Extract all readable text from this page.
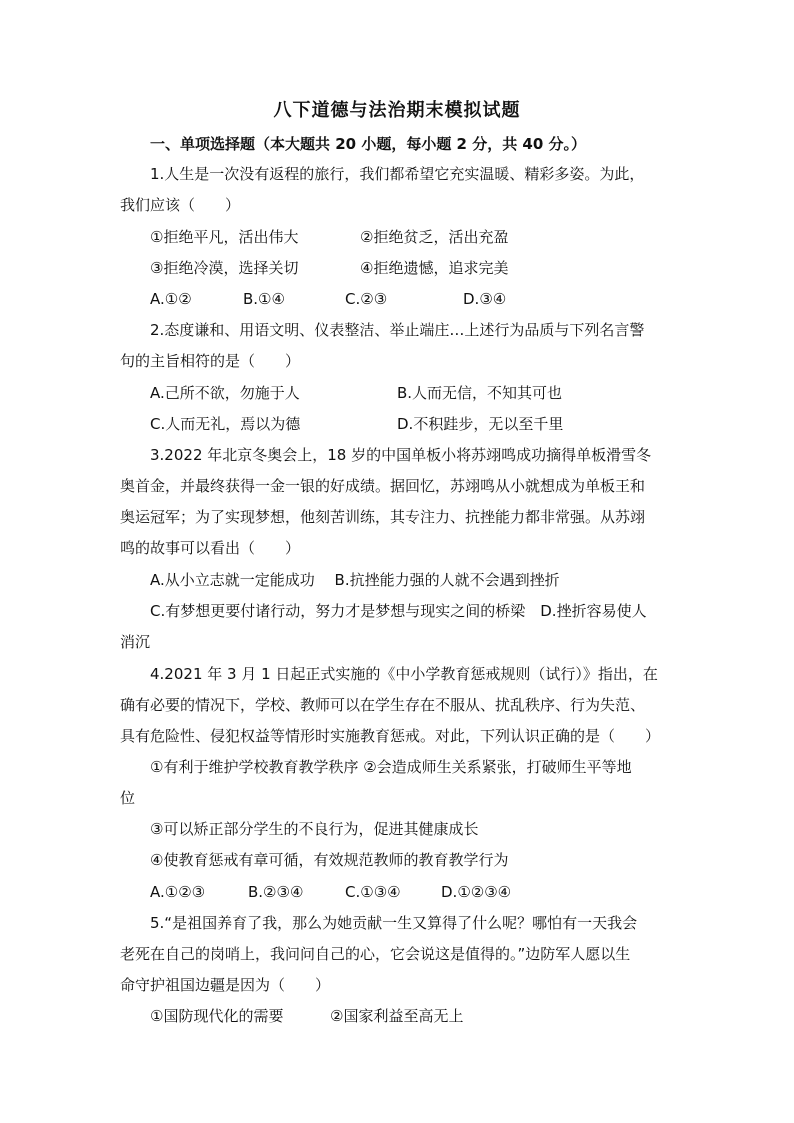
八下道德与法治期末模拟试题
一、单项选择题（本大题共 20 小题，每小题 2 分，共 40 分。）
1.人生是一次没有返程的旅行，我们都希望它充实温暖、精彩多姿。为此，
我们应该（　　）
①拒绝平凡，活出伟大	②拒绝贫乏，活出充盈
③拒绝冷漠，选择关切	④拒绝遗憾，追求完美
A.①②	B.①④	C.②③	D.③④
2.态度谦和、用语文明、仪表整洁、举止端庄…上述行为品质与下列名言警
句的主旨相符的是（　　）
A.己所不欲，勿施于人	B.人而无信，不知其可也
C.人而无礼，焉以为德	D.不积跬步，无以至千里
3.2022 年北京冬奥会上，18 岁的中国单板小将苏翊鸣成功摘得单板滑雪冬
奥首金，并最终获得一金一银的好成绩。据回忆，苏翊鸣从小就想成为单板王和
奥运冠军；为了实现梦想，他刻苦训练，其专注力、抗挫能力都非常强。从苏翊
鸣的故事可以看出（　　）
A.从小立志就一定能成功　 B.抗挫能力强的人就不会遇到挫折
C.有梦想更要付诸行动，努力才是梦想与现实之间的桥梁　D.挫折容易使人
消沉
4.2021 年 3 月 1 日起正式实施的《中小学教育惩戒规则（试行）》指出，在
确有必要的情况下，学校、教师可以在学生存在不服从、扰乱秩序、行为失范、
具有危险性、侵犯权益等情形时实施教育惩戒。对此，下列认识正确的是（　　）
①有利于维护学校教育教学秩序 ②会造成师生关系紧张，打破师生平等地
位
③可以矫正部分学生的不良行为，促进其健康成长
④使教育惩戒有章可循，有效规范教师的教育教学行为
A.①②③	B.②③④	C.①③④	D.①②③④
5.“是祖国养育了我，那么为她贡献一生又算得了什么呢？哪怕有一天我会
老死在自己的岗哨上，我问问自己的心，它会说这是值得的。”边防军人愿以生
命守护祖国边疆是因为（　　）
①国防现代化的需要	②国家利益至高无上
